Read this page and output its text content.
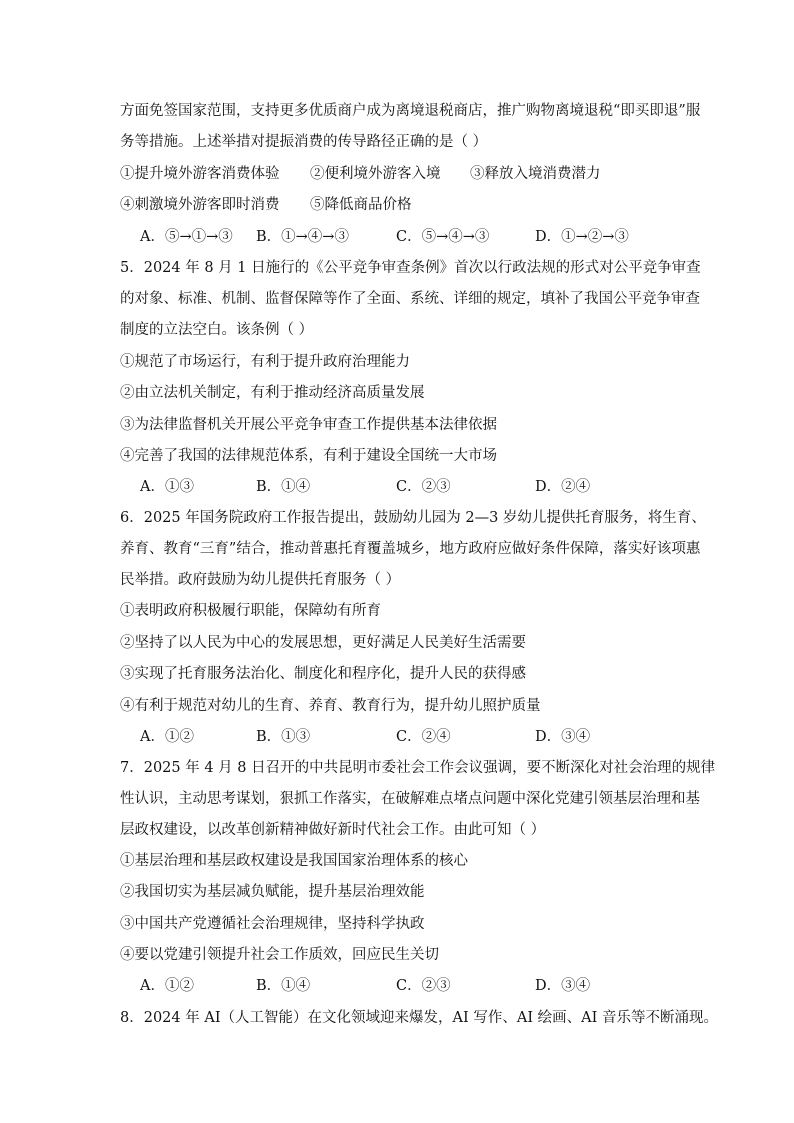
方面免签国家范围，支持更多优质商户成为离境退税商店，推广购物离境退税“即买即退”服
务等措施。上述举措对提振消费的传导路径正确的是（ ）
①提升境外游客消费体验 ②便利境外游客入境 ③释放入境消费潜力
④刺激境外游客即时消费 ⑤降低商品价格
A．⑤→①→③ B．①→④→③	C．⑤→④→③	D．①→②→③
5．2024 年 8 月 1 日施行的《公平竞争审查条例》首次以行政法规的形式对公平竞争审查
的对象、标准、机制、监督保障等作了全面、系统、详细的规定，填补了我国公平竞争审查
制度的立法空白。该条例（ ）
①规范了市场运行，有利于提升政府治理能力
②由立法机关制定，有利于推动经济高质量发展
③为法律监督机关开展公平竞争审查工作提供基本法律依据
④完善了我国的法律规范体系，有利于建设全国统一大市场
A．①③	B．①④	C．②③	D．②④
6．2025 年国务院政府工作报告提出，鼓励幼儿园为 2—3 岁幼儿提供托育服务，将生育、
养育、教育“三育”结合，推动普惠托育覆盖城乡，地方政府应做好条件保障，落实好该项惠
民举措。政府鼓励为幼儿提供托育服务（ ）
①表明政府积极履行职能，保障幼有所育
②坚持了以人民为中心的发展思想，更好满足人民美好生活需要
③实现了托育服务法治化、制度化和程序化，提升人民的获得感
④有利于规范对幼儿的生育、养育、教育行为，提升幼儿照护质量
A．①②	B．①③	C．②④	D．③④
7．2025 年 4 月 8 日召开的中共昆明市委社会工作会议强调，要不断深化对社会治理的规律
性认识，主动思考谋划，狠抓工作落实，在破解难点堵点问题中深化党建引领基层治理和基
层政权建设，以改革创新精神做好新时代社会工作。由此可知（ ）
①基层治理和基层政权建设是我国国家治理体系的核心
②我国切实为基层减负赋能，提升基层治理效能
③中国共产党遵循社会治理规律，坚持科学执政
④要以党建引领提升社会工作质效，回应民生关切
A．①②	B．①④	C．②③	D．③④
8．2024 年 AI（人工智能）在文化领域迎来爆发，AI 写作、AI 绘画、AI 音乐等不断涌现。
